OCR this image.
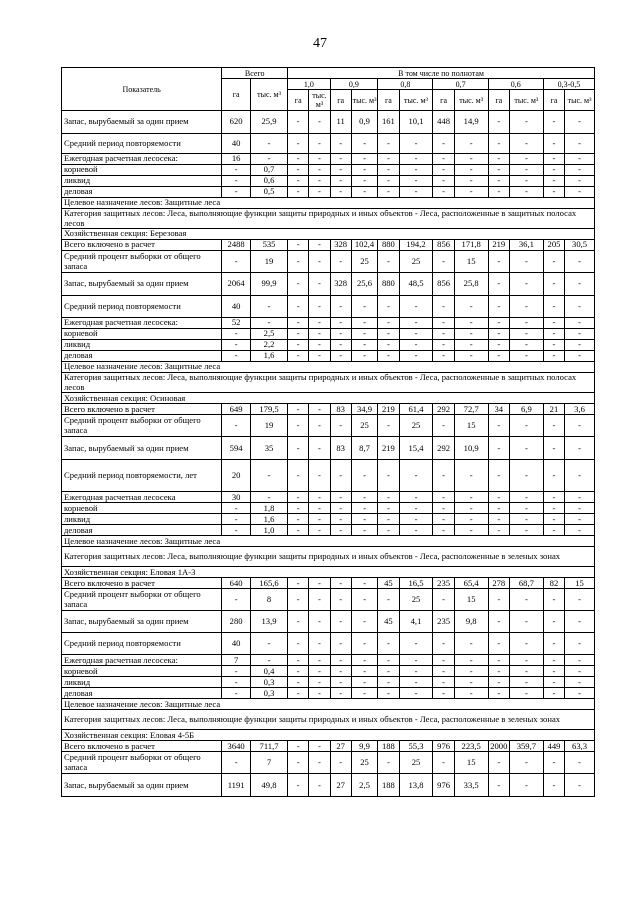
47
Показатель	Всего		В том числе по полнотам											
	га	тыс. м³	1,0		0,9		0,8		0,7		0,6		0,3-0,5	
			га	тыс. м³	га	тыс. м³	га	тыс. м³	га	тыс. м³	га	тыс. м³	га	тыс. м³
Запас, вырубаемый за один прием	620	25,9	-	-	11	0,9	161	10,1	448	14,9	-	-	-	-
Средний период повторяемости	40	-	-	-	-	-	-	-	-	-	-	-	-	-
Ежегодная расчетная лесосека:	16	-	-	-	-	-	-	-	-	-	-	-	-	-
корневой	-	0,7	-	-	-	-	-	-	-	-	-	-	-	-
ликвид	-	0,6	-	-	-	-	-	-	-	-	-	-	-	-
деловая	-	0,5	-	-	-	-	-	-	-	-	-	-	-	-
Целевое назначение лесов: Защитные леса														
Категория защитных лесов: Леса, выполняющие функции защиты природных и иных объектов - Леса, расположенные в защитных полосах лесов														
Хозяйственная секция: Березовая														
Всего включено в расчет	2488	535	-	-	328	102,4	880	194,2	856	171,8	219	36,1	205	30,5
Средний процент выборки от общего запаса	-	19	-	-	-	25	-	25	-	15	-	-	-	-
Запас, вырубаемый за один прием	2064	99,9	-	-	328	25,6	880	48,5	856	25,8	-	-	-	-
Средний период повторяемости	40	-	-	-	-	-	-	-	-	-	-	-	-	-
Ежегодная расчетная лесосека:	52	-	-	-	-	-	-	-	-	-	-	-	-	-
корневой	-	2,5	-	-	-	-	-	-	-	-	-	-	-	-
ликвид	-	2,2	-	-	-	-	-	-	-	-	-	-	-	-
деловая	-	1,6	-	-	-	-	-	-	-	-	-	-	-	-
Целевое назначение лесов: Защитные леса														
Категория защитных лесов: Леса, выполняющие функции защиты природных и иных объектов - Леса, расположенные в защитных полосах лесов														
Хозяйственная секция: Осиновая														
Всего включено в расчет	649	179,5	-	-	83	34,9	219	61,4	292	72,7	34	6,9	21	3,6
Средний процент выборки от общего запаса	-	19	-	-	-	25	-	25	-	15	-	-	-	-
Запас, вырубаемый за один прием	594	35	-	-	83	8,7	219	15,4	292	10,9	-	-	-	-
Средний период повторяемости, лет	20	-	-	-	-	-	-	-	-	-	-	-	-	-
Ежегодная расчетная лесосека	30	-	-	-	-	-	-	-	-	-	-	-	-	-
корневой	-	1,8	-	-	-	-	-	-	-	-	-	-	-	-
ликвид	-	1,6	-	-	-	-	-	-	-	-	-	-	-	-
деловая	-	1,0	-	-	-	-	-	-	-	-	-	-	-	-
Целевое назначение лесов: Защитные леса														
Категория защитных лесов: Леса, выполняющие функции защиты природных и иных объектов - Леса, расположенные в зеленых зонах														
Хозяйственная секция: Еловая 1А-3														
Всего включено в расчет	640	165,6	-	-	-	-	45	16,5	235	65,4	278	68,7	82	15
Средний процент выборки от общего запаса	-	8	-	-	-	-	-	25	-	15	-	-	-	-
Запас, вырубаемый за один прием	280	13,9	-	-	-	-	45	4,1	235	9,8	-	-	-	-
Средний период повторяемости	40	-	-	-	-	-	-	-	-	-	-	-	-	-
Ежегодная расчетная лесосека:	7	-	-	-	-	-	-	-	-	-	-	-	-	-
корневой	-	0,4	-	-	-	-	-	-	-	-	-	-	-	-
ликвид	-	0,3	-	-	-	-	-	-	-	-	-	-	-	-
деловая	-	0,3	-	-	-	-	-	-	-	-	-	-	-	-
Целевое назначение лесов: Защитные леса														
Категория защитных лесов: Леса, выполняющие функции защиты природных и иных объектов - Леса, расположенные в зеленых зонах														
Хозяйственная секция: Еловая 4-5Б														
Всего включено в расчет	3640	711,7	-	-	27	9,9	188	55,3	976	223,5	2000	359,7	449	63,3
Средний процент выборки от общего запаса	-	7	-	-	-	25	-	25	-	15	-	-	-	-
Запас, вырубаемый за один прием	1191	49,8	-	-	27	2,5	188	13,8	976	33,5	-	-	-	-
